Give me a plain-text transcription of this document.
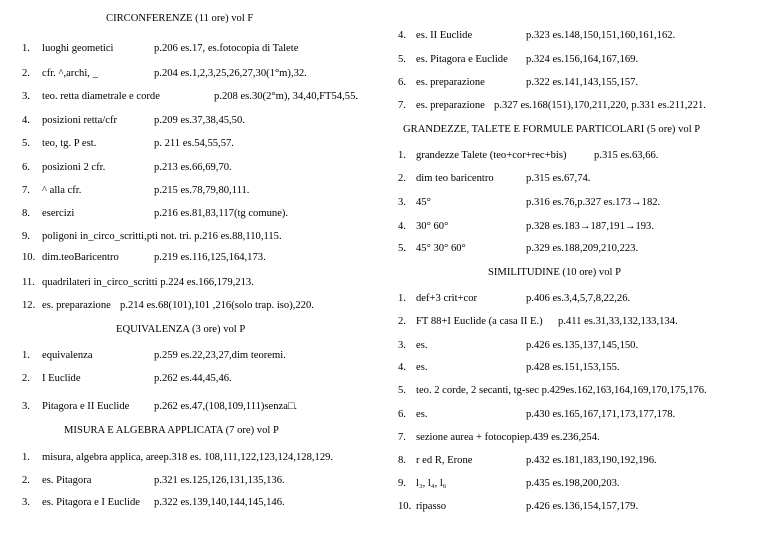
CIRCONFERENZE (11 ore) vol F
1. luoghi geometici	p.206 es.17, es.fotocopia di Talete
2. cfr. ^,archi, _	p.204 es.1,2,3,25,26,27,30(1°m),32.
3. teo. retta diametrale e corde	p.208 es.30(2°m), 34,40,FT54,55.
4. posizioni retta/cfr	p.209 es.37,38,45,50.
5. teo, tg. P est.	p. 211 es.54,55,57.
6. posizioni 2 cfr.	p.213 es.66,69,70.
7. ^ alla cfr.	p.215 es.78,79,80,111.
8. esercizi	p.216 es.81,83,117(tg comune).
9. poligoni in_circo_scritti,pti not. tri. p.216 es.88,110,115.
10. dim.teoBaricentro	p.219 es.116,125,164,173.
11. quadrilateri in_circo_scritti p.224 es.166,179,213.
12. es. preparazione p.214 es.68(101),101 ,216(solo trap. iso),220.
EQUIVALENZA (3 ore) vol P
1. equivalenza	p.259 es.22,23,27,dim teoremi.
2. I Euclide	p.262 es.44,45,46.
3. Pitagora e II Euclide p.262 es.47,(108,109,111)senza□.
MISURA E ALGEBRA APPLICATA (7 ore) vol P
1. misura, algebra applica, areep.318 es. 108,111,122,123,124,128,129.
2. es. Pitagora	p.321 es.125,126,131,135,136.
3. es. Pitagora e I Euclide p.322 es.139,140,144,145,146.
4. es. II Euclide	p.323 es.148,150,151,160,161,162.
5. es. Pitagora e Euclide p.324 es.156,164,167,169.
6. es. preparazione	p.322 es.141,143,155,157.
7. es. preparazione p.327 es.168(151),170,211,220, p.331 es.211,221.
GRANDEZZE, TALETE E FORMULE PARTICOLARI (5 ore) vol P
1. grandezze Talete (teo+cor+rec+bis)	p.315 es.63,66.
2. dim teo baricentro	p.315 es.67,74.
3. 45°	p.316 es.76,p.327 es.173→182.
4. 30° 60°	p.328 es.183→187,191→193.
5. 45° 30° 60°	p.329 es.188,209,210,223.
SIMILITUDINE (10 ore) vol P
1. def+3 crit+cor	p.406 es.3,4,5,7,8,22,26.
2. FT 88+I Euclide (a casa II E.) p.411 es.31,33,132,133,134.
3. es.	p.426 es.135,137,145,150.
4. es.	p.428 es.151,153,155.
5. teo. 2 corde, 2 secanti, tg-sec p.429es.162,163,164,169,170,175,176.
6. es.	p.430 es.165,167,171,173,177,178.
7. sezione aurea + fotocopiep.439 es.236,254.
8. r ed R, Erone	p.432 es.181,183,190,192,196.
9. l₃, l₄, l₆	p.435 es.198,200,203.
10. ripasso	p.426 es.136,154,157,179.
